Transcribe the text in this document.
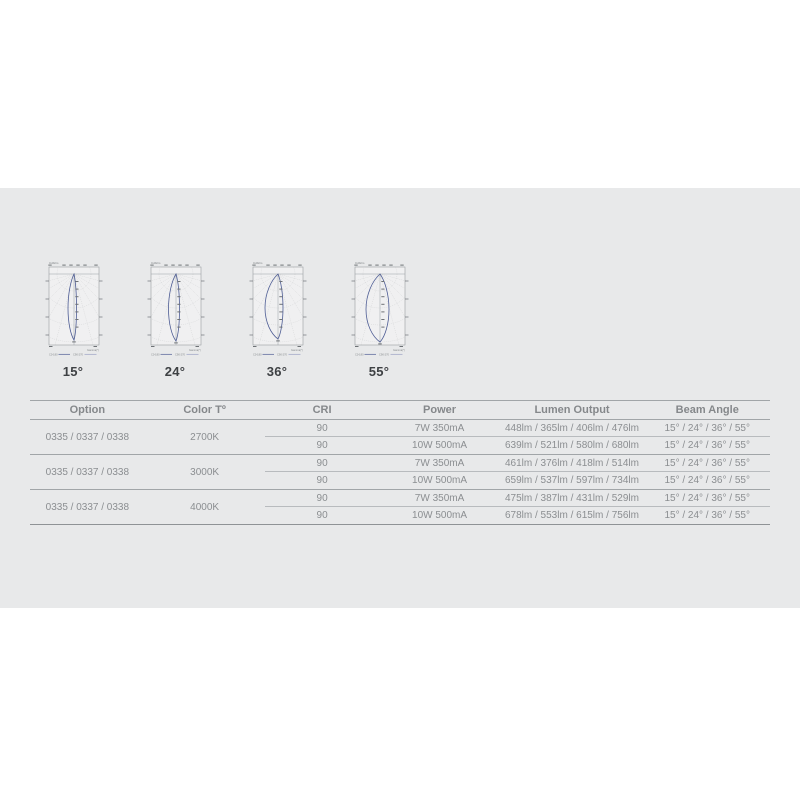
Cd/klm
Gamma(°)
C0-180	C90-270
15°
Cd/klm
Gamma(°)
C0-180	C90-270
24°
Cd/klm
Gamma(°)
C0-180	C90-270
36°
Cd/klm
Gamma(°)
C0-180	C90-270
55°
Option	Color Tº	CRI	Power	Lumen Output	Beam Angle
0335 / 0337 / 0338	2700K
90	7W 350mA	448lm / 365lm / 406lm / 476lm	15° / 24° / 36° / 55°
90	10W 500mA	639lm / 521lm / 580lm / 680lm	15° / 24° / 36° / 55°
0335 / 0337 / 0338	3000K
90	7W 350mA	461lm / 376lm / 418lm / 514lm	15° / 24° / 36° / 55°
90	10W 500mA	659lm / 537lm / 597lm / 734lm	15° / 24° / 36° / 55°
0335 / 0337 / 0338	4000K
90	7W 350mA	475lm / 387lm / 431lm / 529lm	15° / 24° / 36° / 55°
90	10W 500mA	678lm / 553lm / 615lm / 756lm	15° / 24° / 36° / 55°
